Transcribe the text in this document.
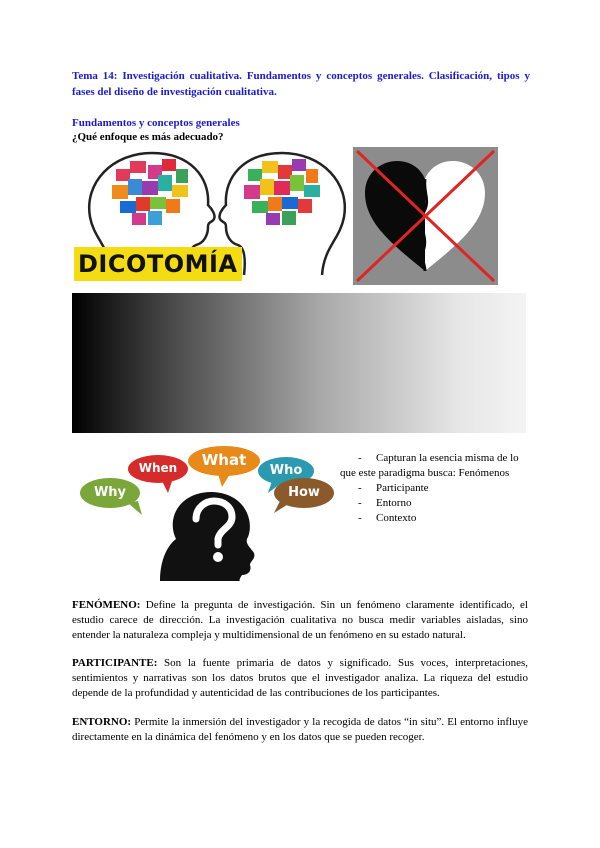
Tema 14: Investigación cualitativa. Fundamentos y conceptos generales. Clasificación, tipos y fases del diseño de investigación cualitativa.
Fundamentos y conceptos generales
¿Qué enfoque es más adecuado?
DICOTOMÍA
When	What
Who
Why	How
- Capturan la esencia misma de lo
que este paradigma busca: Fenómenos
- Participante
- Entorno
- Contexto
FENÓMENO: Define la pregunta de investigación. Sin un fenómeno claramente identificado, el estudio carece de dirección. La investigación cualitativa no busca medir variables aisladas, sino entender la naturaleza compleja y multidimensional de un fenómeno en su estado natural.
PARTICIPANTE: Son la fuente primaria de datos y significado. Sus voces, interpretaciones, sentimientos y narrativas son los datos brutos que el investigador analiza. La riqueza del estudio depende de la profundidad y autenticidad de las contribuciones de los participantes.
ENTORNO: Permite la inmersión del investigador y la recogida de datos “in situ”. El entorno influye directamente en la dinámica del fenómeno y en los datos que se pueden recoger.
